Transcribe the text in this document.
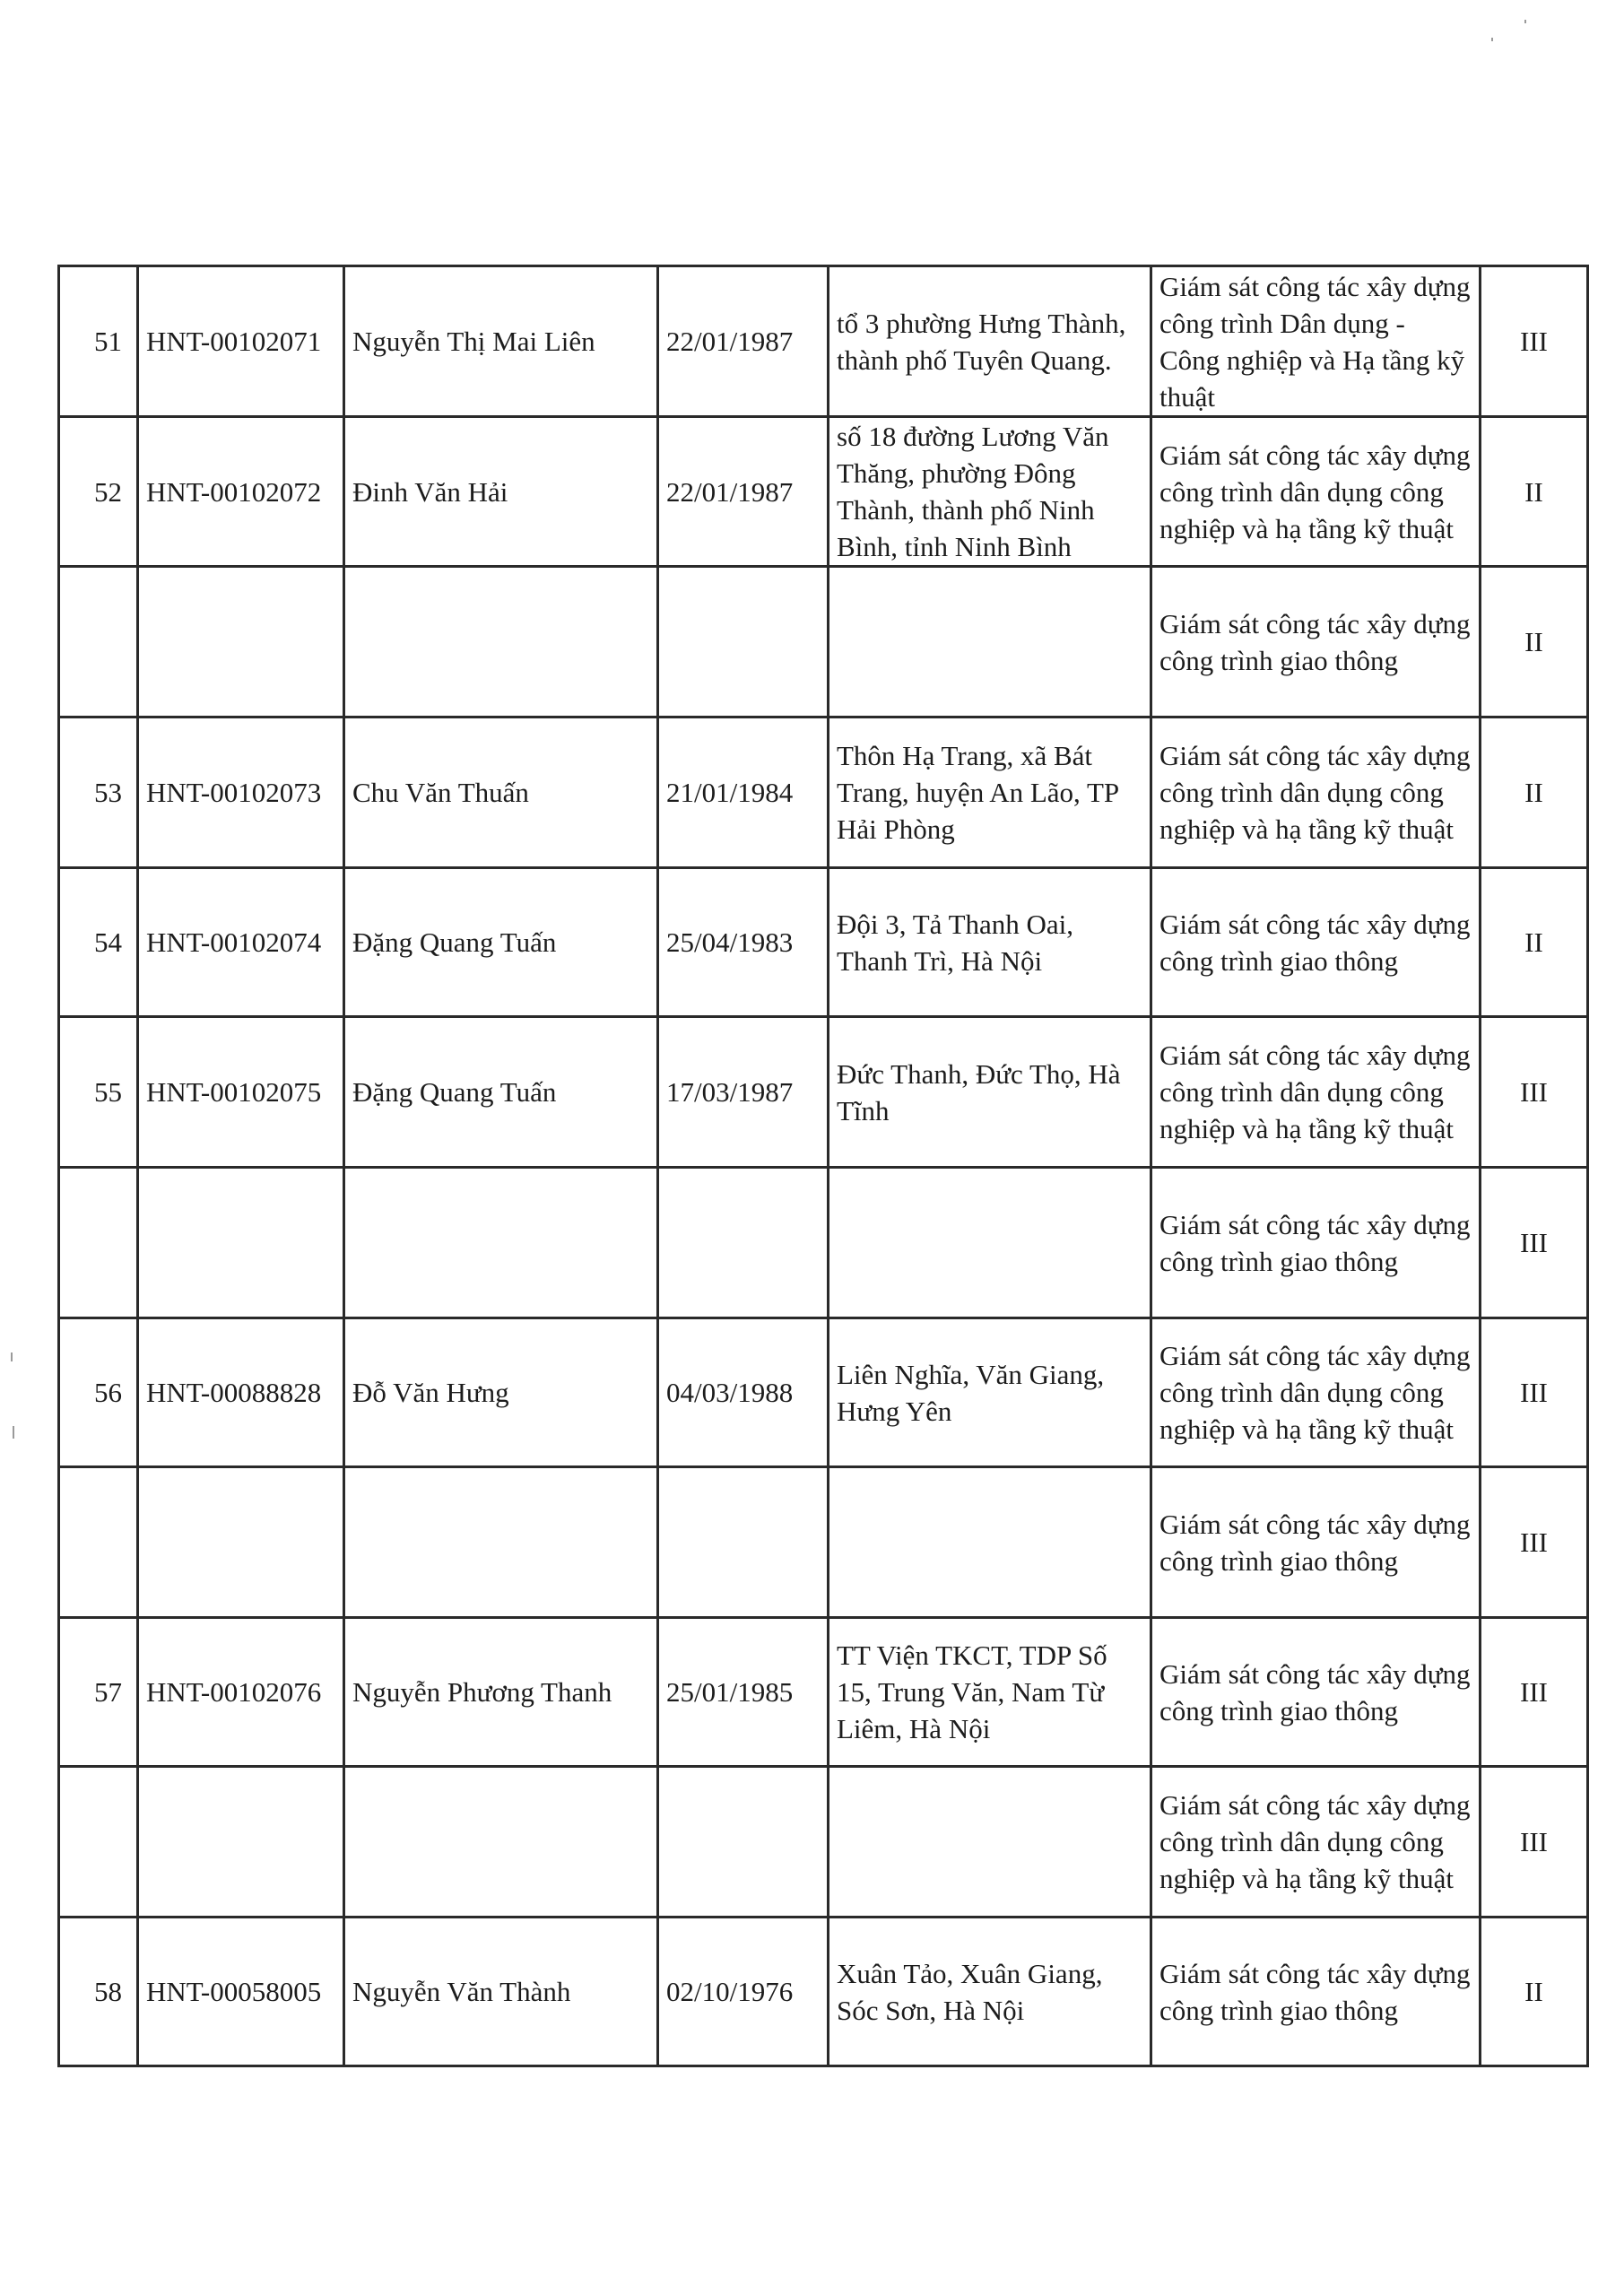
51	HNT-00102071	Nguyễn Thị Mai Liên	22/01/1987	tổ 3 phường Hưng Thành, thành phố Tuyên Quang.	Giám sát công tác xây dựng công trình Dân dụng - Công nghiệp và Hạ tầng kỹ thuật	III

52	HNT-00102072	Đinh Văn Hải	22/01/1987	số 18 đường Lương Văn Thăng, phường Đông Thành, thành phố Ninh Bình, tỉnh Ninh Bình	Giám sát công tác xây dựng công trình dân dụng công nghiệp và hạ tầng kỹ thuật	II

					Giám sát công tác xây dựng công trình giao thông	II

53	HNT-00102073	Chu Văn Thuấn	21/01/1984	Thôn Hạ Trang, xã Bát Trang, huyện An Lão, TP Hải Phòng	Giám sát công tác xây dựng công trình dân dụng công nghiệp và hạ tầng kỹ thuật	II

54	HNT-00102074	Đặng Quang Tuấn	25/04/1983	Đội 3, Tả Thanh Oai, Thanh Trì, Hà Nội	Giám sát công tác xây dựng công trình giao thông	II

55	HNT-00102075	Đặng Quang Tuấn	17/03/1987	Đức Thanh, Đức Thọ, Hà Tĩnh	Giám sát công tác xây dựng công trình dân dụng công nghiệp và hạ tầng kỹ thuật	III

					Giám sát công tác xây dựng công trình giao thông	III

56	HNT-00088828	Đỗ Văn Hưng	04/03/1988	Liên Nghĩa, Văn Giang, Hưng Yên	Giám sát công tác xây dựng công trình dân dụng công nghiệp và hạ tầng kỹ thuật	III

					Giám sát công tác xây dựng công trình giao thông	III

57	HNT-00102076	Nguyễn Phương Thanh	25/01/1985	TT Viện TKCT, TDP Số 15, Trung Văn, Nam Từ Liêm, Hà Nội	Giám sát công tác xây dựng công trình giao thông	III

					Giám sát công tác xây dựng công trình dân dụng công nghiệp và hạ tầng kỹ thuật	III

58	HNT-00058005	Nguyễn Văn Thành	02/10/1976	Xuân Tảo, Xuân Giang, Sóc Sơn, Hà Nội	Giám sát công tác xây dựng công trình giao thông	II
